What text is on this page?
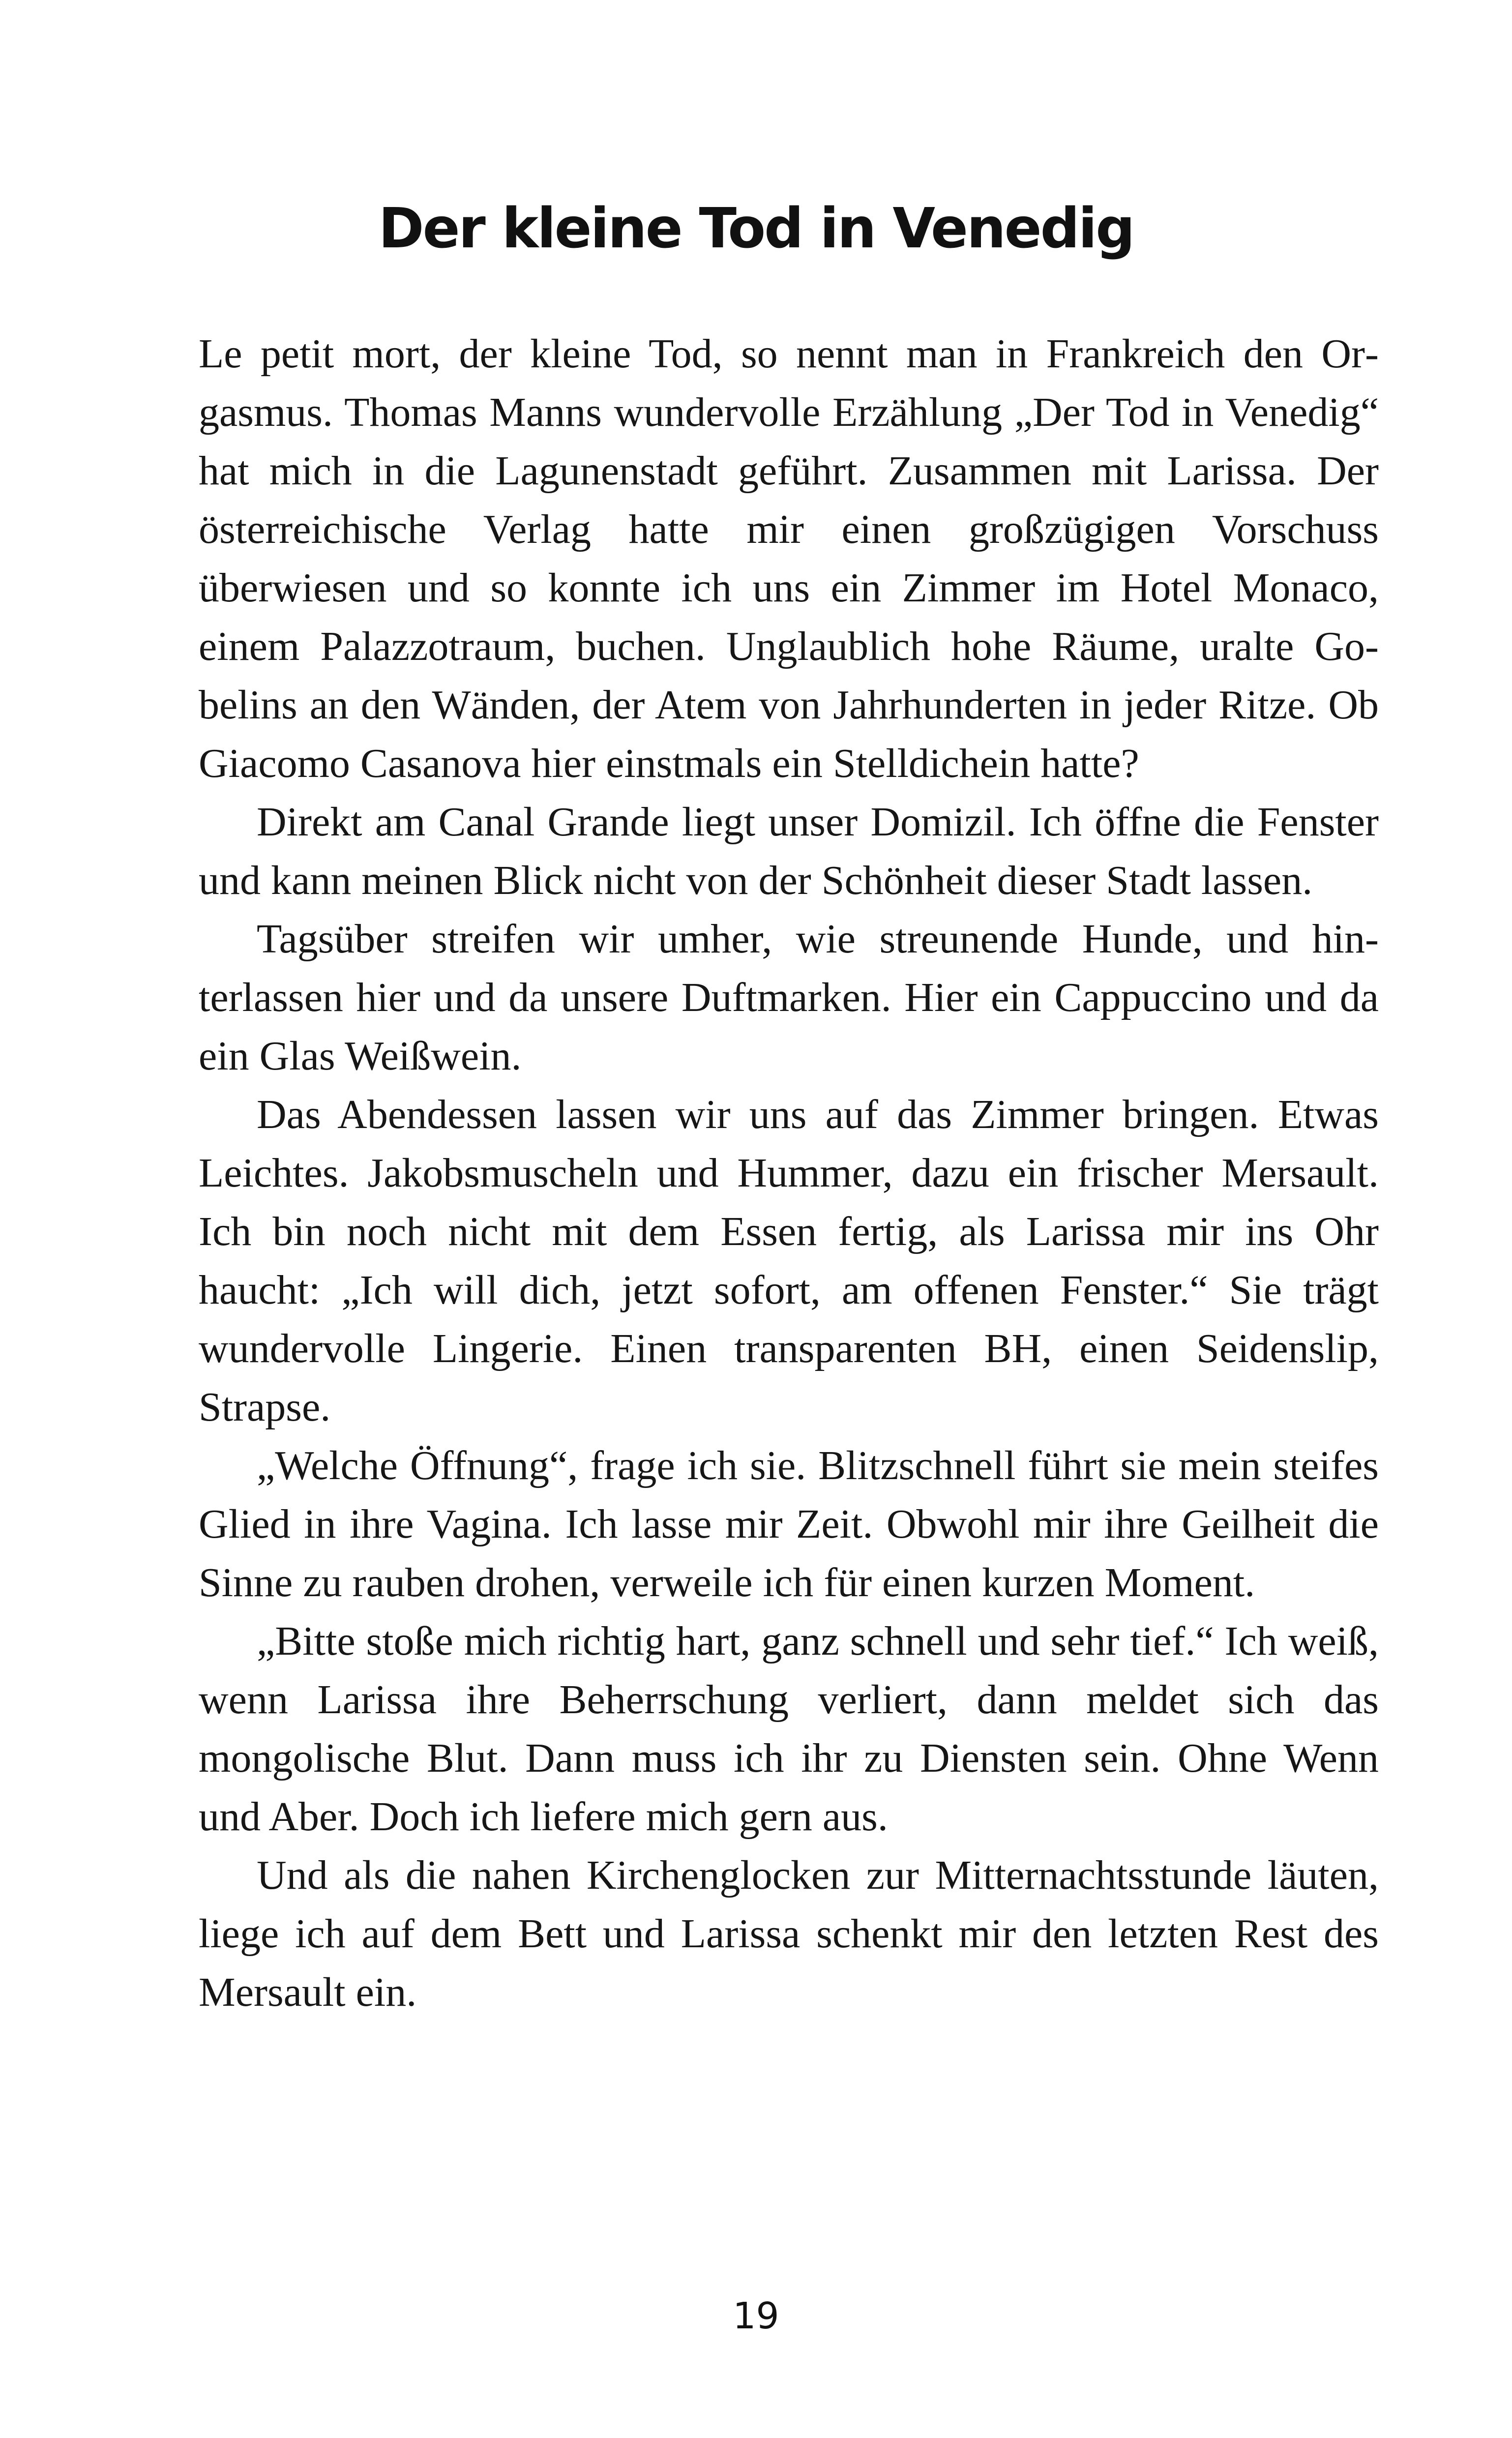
Der kleine Tod in Venedig

Le petit mort, der kleine Tod, so nennt man in Frankreich den Orgasmus. Thomas Manns wundervolle Erzählung „Der Tod in Venedig“ hat mich in die Lagunenstadt geführt. Zusammen mit Larissa. Der österreichische Verlag hatte mir einen großzügigen Vorschuss überwiesen und so konnte ich uns ein Zimmer im Hotel Monaco, einem Palazzotraum, buchen. Unglaublich hohe Räume, uralte Gobelins an den Wänden, der Atem von Jahrhunderten in jeder Ritze. Ob Giacomo Casanova hier einstmals ein Stelldichein hatte?

Direkt am Canal Grande liegt unser Domizil. Ich öffne die Fenster und kann meinen Blick nicht von der Schönheit dieser Stadt lassen.

Tagsüber streifen wir umher, wie streunende Hunde, und hinterlassen hier und da unsere Duftmarken. Hier ein Cappuccino und da ein Glas Weißwein.

Das Abendessen lassen wir uns auf das Zimmer bringen. Etwas Leichtes. Jakobsmuscheln und Hummer, dazu ein frischer Mersault. Ich bin noch nicht mit dem Essen fertig, als Larissa mir ins Ohr haucht: „Ich will dich, jetzt sofort, am offenen Fenster.“ Sie trägt wundervolle Lingerie. Einen transparenten BH, einen Seidenslip, Strapse.

„Welche Öffnung“, frage ich sie. Blitzschnell führt sie mein steifes Glied in ihre Vagina. Ich lasse mir Zeit. Obwohl mir ihre Geilheit die Sinne zu rauben drohen, verweile ich für einen kurzen Moment.

„Bitte stoße mich richtig hart, ganz schnell und sehr tief.“ Ich weiß, wenn Larissa ihre Beherrschung verliert, dann meldet sich das mongolische Blut. Dann muss ich ihr zu Diensten sein. Ohne Wenn und Aber. Doch ich liefere mich gern aus.

Und als die nahen Kirchenglocken zur Mitternachtsstunde läuten, liege ich auf dem Bett und Larissa schenkt mir den letzten Rest des Mersault ein.

19
